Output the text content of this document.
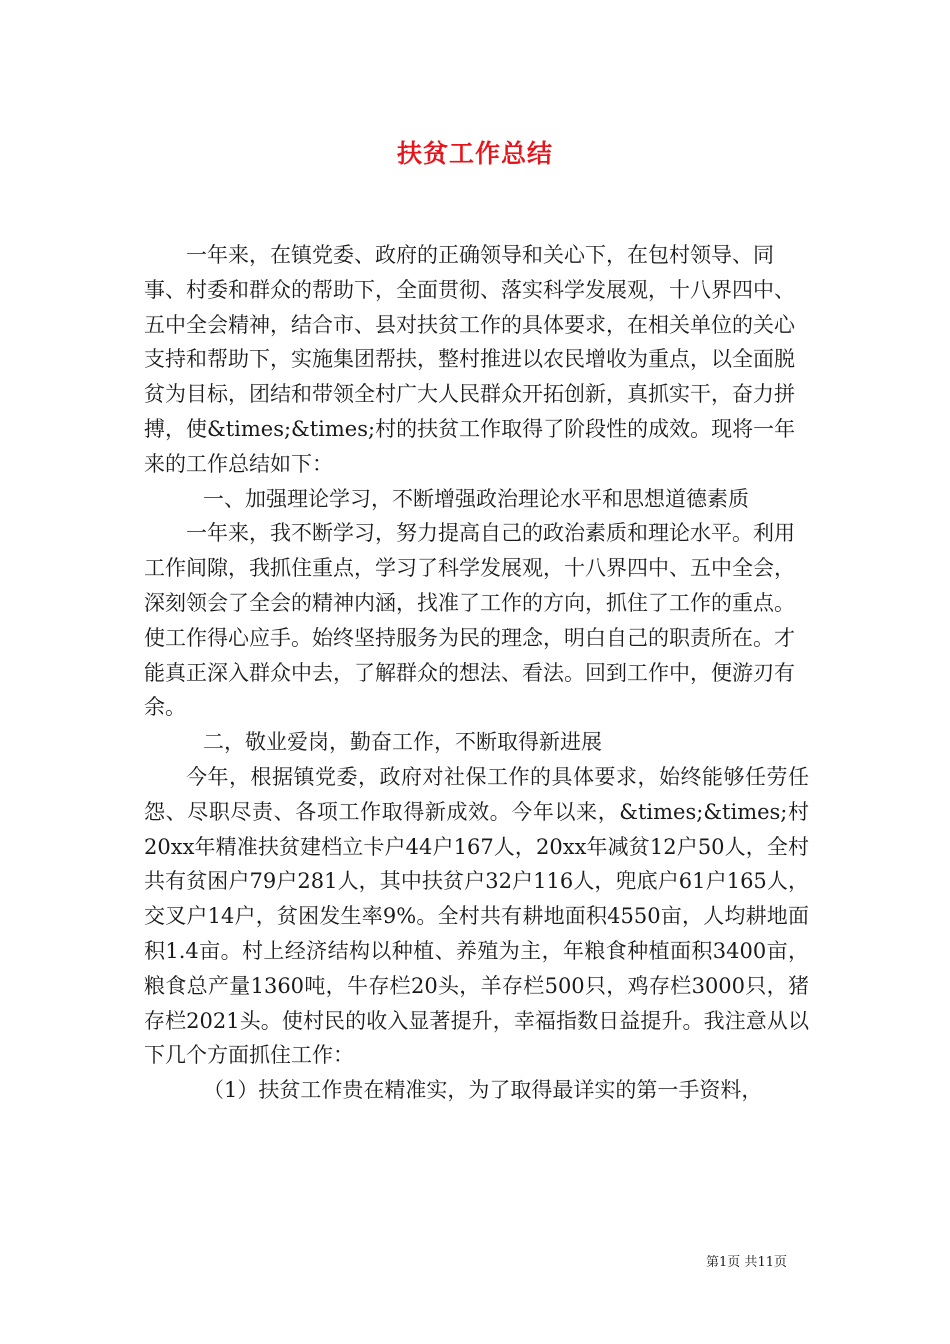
扶贫工作总结

一年来，在镇党委、政府的正确领导和关心下，在包村领导、同事、村委和群众的帮助下，全面贯彻、落实科学发展观，十八界四中、五中全会精神，结合市、县对扶贫工作的具体要求，在相关单位的关心支持和帮助下，实施集团帮扶，整村推进以农民增收为重点，以全面脱贫为目标，团结和带领全村广大人民群众开拓创新，真抓实干，奋力拼搏，使&times;&times;村的扶贫工作取得了阶段性的成效。现将一年来的工作总结如下：

一、加强理论学习，不断增强政治理论水平和思想道德素质

一年来，我不断学习，努力提高自己的政治素质和理论水平。利用工作间隙，我抓住重点，学习了科学发展观，十八界四中、五中全会，深刻领会了全会的精神内涵，找准了工作的方向，抓住了工作的重点。使工作得心应手。始终坚持服务为民的理念，明白自己的职责所在。才能真正深入群众中去，了解群众的想法、看法。回到工作中，便游刃有余。

二，敬业爱岗，勤奋工作，不断取得新进展

今年，根据镇党委，政府对社保工作的具体要求，始终能够任劳任怨、尽职尽责、各项工作取得新成效。今年以来，&times;&times;村20xx年精准扶贫建档立卡户44户167人，20xx年减贫12户50人，全村共有贫困户79户281人，其中扶贫户32户116人，兜底户61户165人，交叉户14户，贫困发生率9%。全村共有耕地面积4550亩，人均耕地面积1.4亩。村上经济结构以种植、养殖为主，年粮食种植面积3400亩，粮食总产量1360吨，牛存栏20头，羊存栏500只，鸡存栏3000只，猪存栏2021头。使村民的收入显著提升，幸福指数日益提升。我注意从以下几个方面抓住工作：

（1）扶贫工作贵在精准实，为了取得最详实的第一手资料，

第1页 共11页
